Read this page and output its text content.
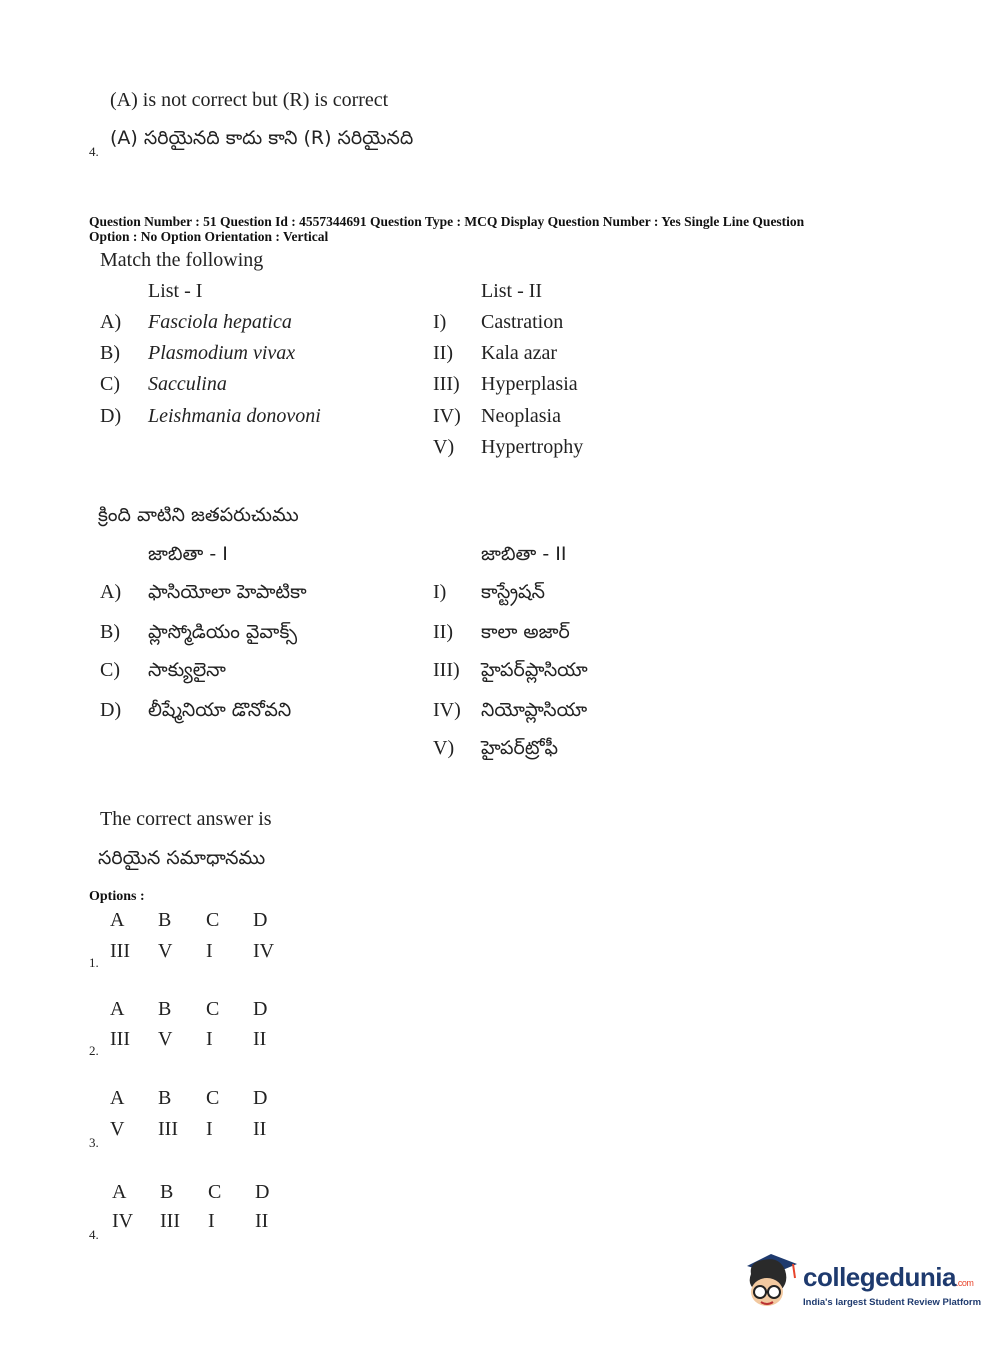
(A) is not correct but (R) is correct
(A) సరియైనది కాదు కాని (R) సరియైనది
4.
Question Number : 51 Question Id : 4557344691 Question Type : MCQ Display Question Number : Yes Single Line Question
Option : No Option Orientation : Vertical
Match the following
List - I	List - II
A) Fasciola hepatica
B) Plasmodium vivax
C) Sacculina
D) Leishmania donovoni
I) Castration
II) Kala azar
III) Hyperplasia
IV) Neoplasia
V) Hypertrophy
క్రింది వాటిని జతపరుచుము
జాబితా - I	జాబితా - II
A) ఫాసియోలా హెపాటికా
B) ప్లాస్మోడియం వైవాక్స్
C) సాక్యులైనా
D) లీష్మేనియా డొనోవని
I) కాస్ట్రేషన్
II) కాలా అజార్
III) హైపర్‌ప్లాసియా
IV) నియోప్లాసియా
V) హైపర్‌ట్రోఫీ
The correct answer is
సరియైన సమాధానము
Options :
A B C D
III V I IV
1.
A B C D
III V I II
2.
A B C D
V III I II
3.
A B C D
IV III I II
4.
collegedunia.com
India's largest Student Review Platform
